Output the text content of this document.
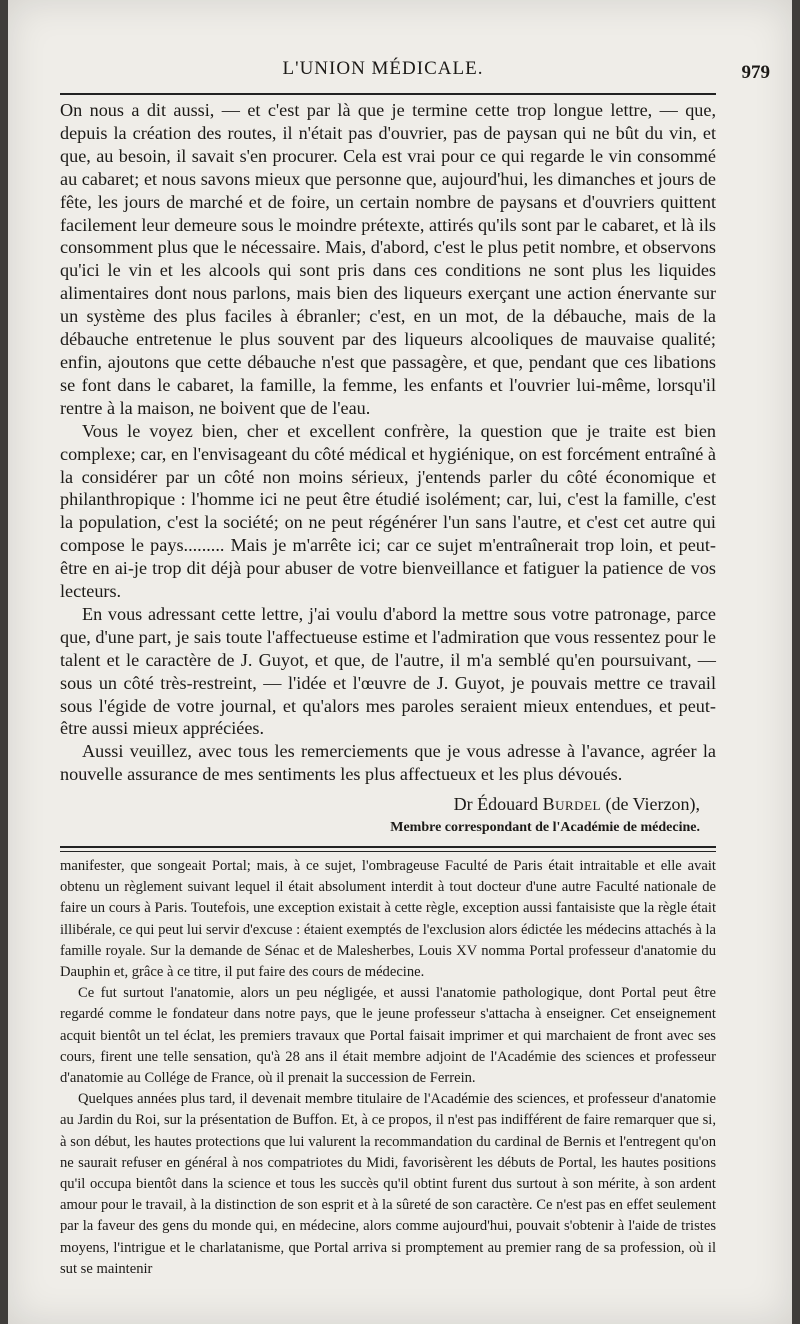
L'UNION MÉDICALE.	979

On nous a dit aussi, — et c'est par là que je termine cette trop longue lettre, — que, depuis la création des routes, il n'était pas d'ouvrier, pas de paysan qui ne bût du vin, et que, au besoin, il savait s'en procurer. Cela est vrai pour ce qui regarde le vin consommé au cabaret; et nous savons mieux que personne que, aujourd'hui, les dimanches et jours de fête, les jours de marché et de foire, un certain nombre de paysans et d'ouvriers quittent facilement leur demeure sous le moindre prétexte, attirés qu'ils sont par le cabaret, et là ils consomment plus que le nécessaire. Mais, d'abord, c'est le plus petit nombre, et observons qu'ici le vin et les alcools qui sont pris dans ces conditions ne sont plus les liquides alimentaires dont nous parlons, mais bien des liqueurs exerçant une action énervante sur un système des plus faciles à ébranler; c'est, en un mot, de la débauche, mais de la débauche entretenue le plus souvent par des liqueurs alcooliques de mauvaise qualité; enfin, ajoutons que cette débauche n'est que passagère, et que, pendant que ces libations se font dans le cabaret, la famille, la femme, les enfants et l'ouvrier lui-même, lorsqu'il rentre à la maison, ne boivent que de l'eau.

Vous le voyez bien, cher et excellent confrère, la question que je traite est bien complexe; car, en l'envisageant du côté médical et hygiénique, on est forcément entraîné à la considérer par un côté non moins sérieux, j'entends parler du côté économique et philanthropique : l'homme ici ne peut être étudié isolément; car, lui, c'est la famille, c'est la population, c'est la société; on ne peut régénérer l'un sans l'autre, et c'est cet autre qui compose le pays......... Mais je m'arrête ici; car ce sujet m'entraînerait trop loin, et peut-être en ai-je trop dit déjà pour abuser de votre bienveillance et fatiguer la patience de vos lecteurs.

En vous adressant cette lettre, j'ai voulu d'abord la mettre sous votre patronage, parce que, d'une part, je sais toute l'affectueuse estime et l'admiration que vous ressentez pour le talent et le caractère de J. Guyot, et que, de l'autre, il m'a semblé qu'en poursuivant, — sous un côté très-restreint, — l'idée et l'œuvre de J. Guyot, je pouvais mettre ce travail sous l'égide de votre journal, et qu'alors mes paroles seraient mieux entendues, et peut-être aussi mieux appréciées.

Aussi veuillez, avec tous les remerciements que je vous adresse à l'avance, agréer la nouvelle assurance de mes sentiments les plus affectueux et les plus dévoués.

Dr Édouard Burdel (de Vierzon),
Membre correspondant de l'Académie de médecine.

manifester, que songeait Portal; mais, à ce sujet, l'ombrageuse Faculté de Paris était intraitable et elle avait obtenu un règlement suivant lequel il était absolument interdit à tout docteur d'une autre Faculté nationale de faire un cours à Paris. Toutefois, une exception existait à cette règle, exception aussi fantaisiste que la règle était illibérale, ce qui peut lui servir d'excuse : étaient exemptés de l'exclusion alors édictée les médecins attachés à la famille royale. Sur la demande de Sénac et de Malesherbes, Louis XV nomma Portal professeur d'anatomie du Dauphin et, grâce à ce titre, il put faire des cours de médecine.

Ce fut surtout l'anatomie, alors un peu négligée, et aussi l'anatomie pathologique, dont Portal peut être regardé comme le fondateur dans notre pays, que le jeune professeur s'attacha à enseigner. Cet enseignement acquit bientôt un tel éclat, les premiers travaux que Portal faisait imprimer et qui marchaient de front avec ses cours, firent une telle sensation, qu'à 28 ans il était membre adjoint de l'Académie des sciences et professeur d'anatomie au Collége de France, où il prenait la succession de Ferrein.

Quelques années plus tard, il devenait membre titulaire de l'Académie des sciences, et professeur d'anatomie au Jardin du Roi, sur la présentation de Buffon. Et, à ce propos, il n'est pas indifférent de faire remarquer que si, à son début, les hautes protections que lui valurent la recommandation du cardinal de Bernis et l'entregent qu'on ne saurait refuser en général à nos compatriotes du Midi, favorisèrent les débuts de Portal, les hautes positions qu'il occupa bientôt dans la science et tous les succès qu'il obtint furent dus surtout à son mérite, à son ardent amour pour le travail, à la distinction de son esprit et à la sûreté de son caractère. Ce n'est pas en effet seulement par la faveur des gens du monde qui, en médecine, alors comme aujourd'hui, pouvait s'obtenir à l'aide de tristes moyens, l'intrigue et le charlatanisme, que Portal arriva si promptement au premier rang de sa profession, où il sut se maintenir
